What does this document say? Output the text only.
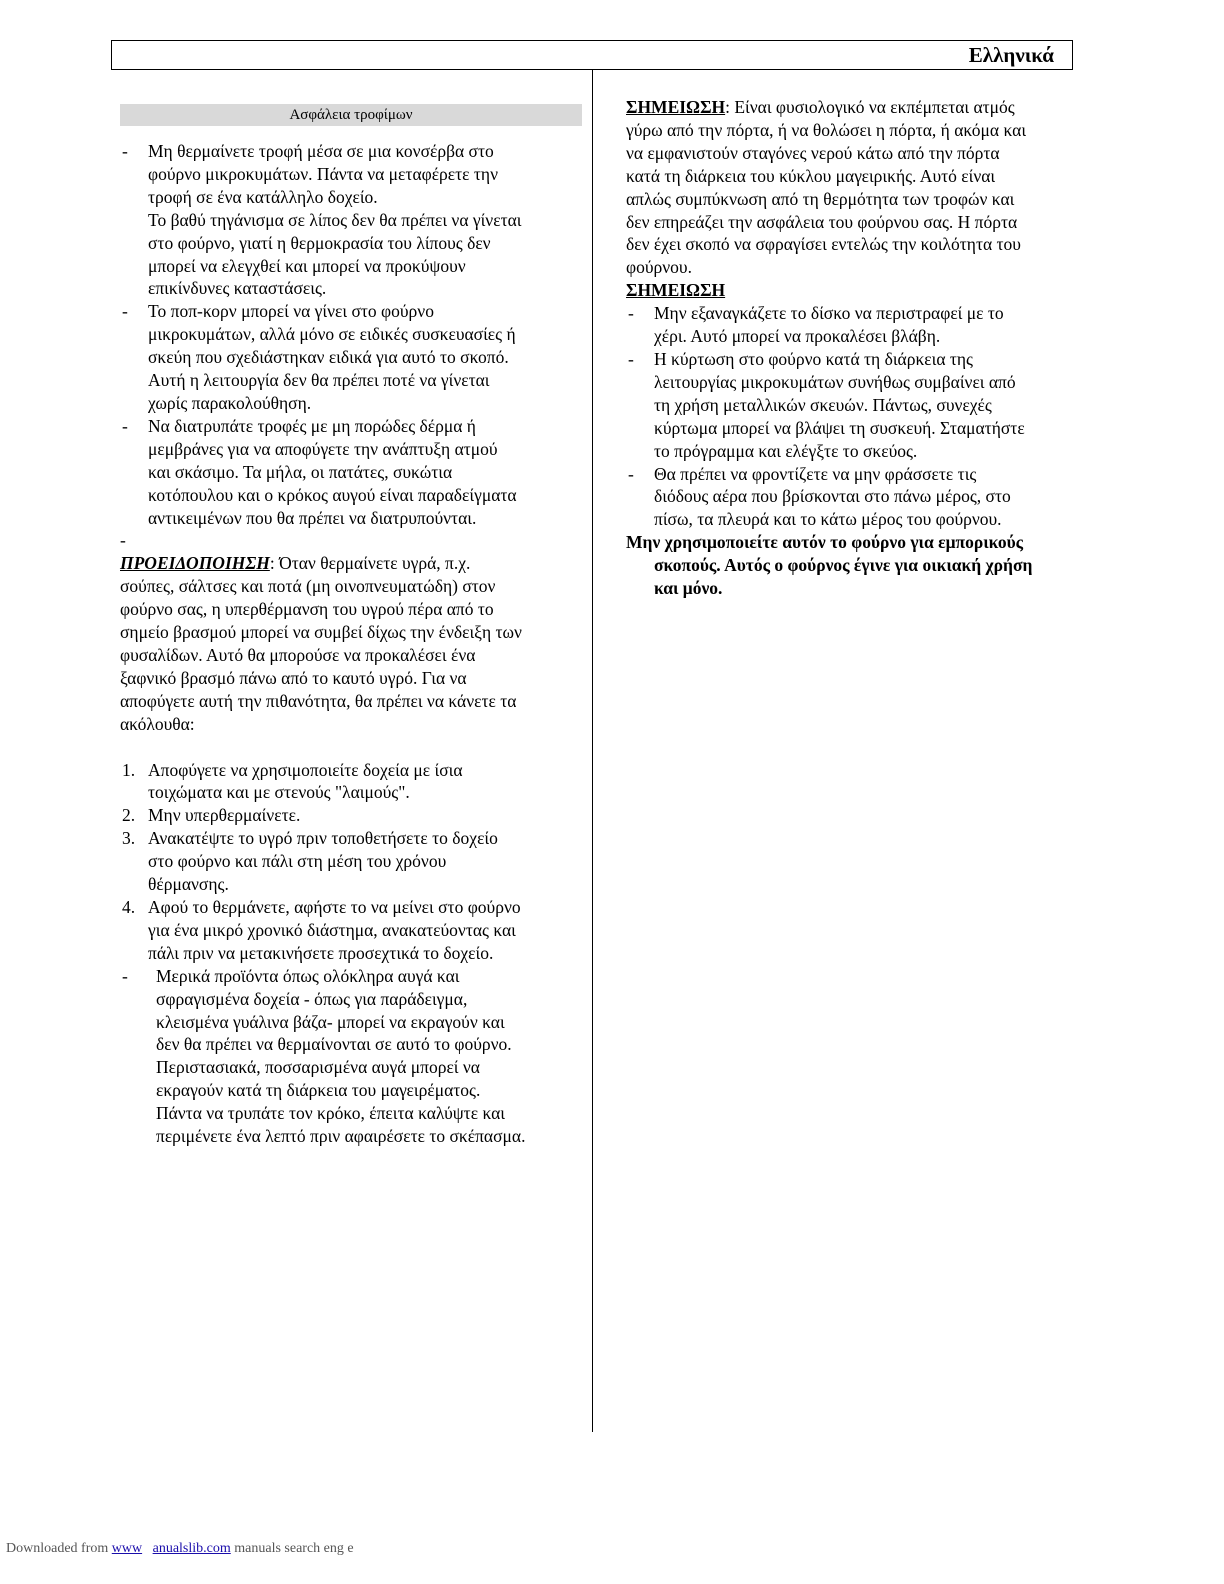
Ελληνικά
Ασφάλεια τροφίμων
- Μη θερμαίνετε τροφή μέσα σε μια κονσέρβα στο
φούρνο μικροκυμάτων. Πάντα να μεταφέρετε την
τροφή σε ένα κατάλληλο δοχείο.
Το βαθύ τηγάνισμα σε λίπος δεν θα πρέπει να γίνεται
στο φούρνο, γιατί η θερμοκρασία του λίπους δεν
μπορεί να ελεγχθεί και μπορεί να προκύψουν
επικίνδυνες καταστάσεις.
- Το ποπ-κορν μπορεί να γίνει στο φούρνο
μικροκυμάτων, αλλά μόνο σε ειδικές συσκευασίες ή
σκεύη που σχεδιάστηκαν ειδικά για αυτό το σκοπό.
Αυτή η λειτουργία δεν θα πρέπει ποτέ να γίνεται
χωρίς παρακολούθηση.
- Να διατρυπάτε τροφές με μη πορώδες δέρμα ή
μεμβράνες για να αποφύγετε την ανάπτυξη ατμού
και σκάσιμο. Τα μήλα, οι πατάτες, συκώτια
κοτόπουλου και ο κρόκος αυγού είναι παραδείγματα
αντικειμένων που θα πρέπει να διατρυπούνται.
-
ΠΡΟΕΙΔΟΠΟΙΗΣΗ: Όταν θερμαίνετε υγρά, π.χ.
σούπες, σάλτσες και ποτά (μη οινοπνευματώδη) στον
φούρνο σας, η υπερθέρμανση του υγρού πέρα από το
σημείο βρασμού μπορεί να συμβεί δίχως την ένδειξη των
φυσαλίδων. Αυτό θα μπορούσε να προκαλέσει ένα
ξαφνικό βρασμό πάνω από το καυτό υγρό. Για να
αποφύγετε αυτή την πιθανότητα, θα πρέπει να κάνετε τα
ακόλουθα:
1. Αποφύγετε να χρησιμοποιείτε δοχεία με ίσια
τοιχώματα και με στενούς "λαιμούς".
2. Μην υπερθερμαίνετε.
3. Ανακατέψτε το υγρό πριν τοποθετήσετε το δοχείο
στο φούρνο και πάλι στη μέση του χρόνου
θέρμανσης.
4. Αφού το θερμάνετε, αφήστε το να μείνει στο φούρνο
για ένα μικρό χρονικό διάστημα, ανακατεύοντας και
πάλι πριν να μετακινήσετε προσεχτικά το δοχείο.
- Μερικά προϊόντα όπως ολόκληρα αυγά και
σφραγισμένα δοχεία - όπως για παράδειγμα,
κλεισμένα γυάλινα βάζα- μπορεί να εκραγούν και
δεν θα πρέπει να θερμαίνονται σε αυτό το φούρνο.
Περιστασιακά, ποσσαρισμένα αυγά μπορεί να
εκραγούν κατά τη διάρκεια του μαγειρέματος.
Πάντα να τρυπάτε τον κρόκο, έπειτα καλύψτε και
περιμένετε ένα λεπτό πριν αφαιρέσετε το σκέπασμα.
ΣΗΜΕΙΩΣΗ: Είναι φυσιολογικό να εκπέμπεται ατμός
γύρω από την πόρτα, ή να θολώσει η πόρτα, ή ακόμα και
να εμφανιστούν σταγόνες νερού κάτω από την πόρτα
κατά τη διάρκεια του κύκλου μαγειρικής. Αυτό είναι
απλώς συμπύκνωση από τη θερμότητα των τροφών και
δεν επηρεάζει την ασφάλεια του φούρνου σας. Η πόρτα
δεν έχει σκοπό να σφραγίσει εντελώς την κοιλότητα του
φούρνου.
ΣΗΜΕΙΩΣΗ
- Μην εξαναγκάζετε το δίσκο να περιστραφεί με το
χέρι. Αυτό μπορεί να προκαλέσει βλάβη.
- Η κύρτωση στο φούρνο κατά τη διάρκεια της
λειτουργίας μικροκυμάτων συνήθως συμβαίνει από
τη χρήση μεταλλικών σκευών. Πάντως, συνεχές
κύρτωμα μπορεί να βλάψει τη συσκευή. Σταματήστε
το πρόγραμμα και ελέγξτε το σκεύος.
- Θα πρέπει να φροντίζετε να μην φράσσετε τις
διόδους αέρα που βρίσκονται στο πάνω μέρος, στο
πίσω, τα πλευρά και το κάτω μέρος του φούρνου.
Μην χρησιμοποιείτε αυτόν το φούρνο για εμπορικούς
σκοπούς. Αυτός ο φούρνος έγινε για οικιακή χρήση
και μόνο.
Downloaded from www anualslib.com manuals search eng e
